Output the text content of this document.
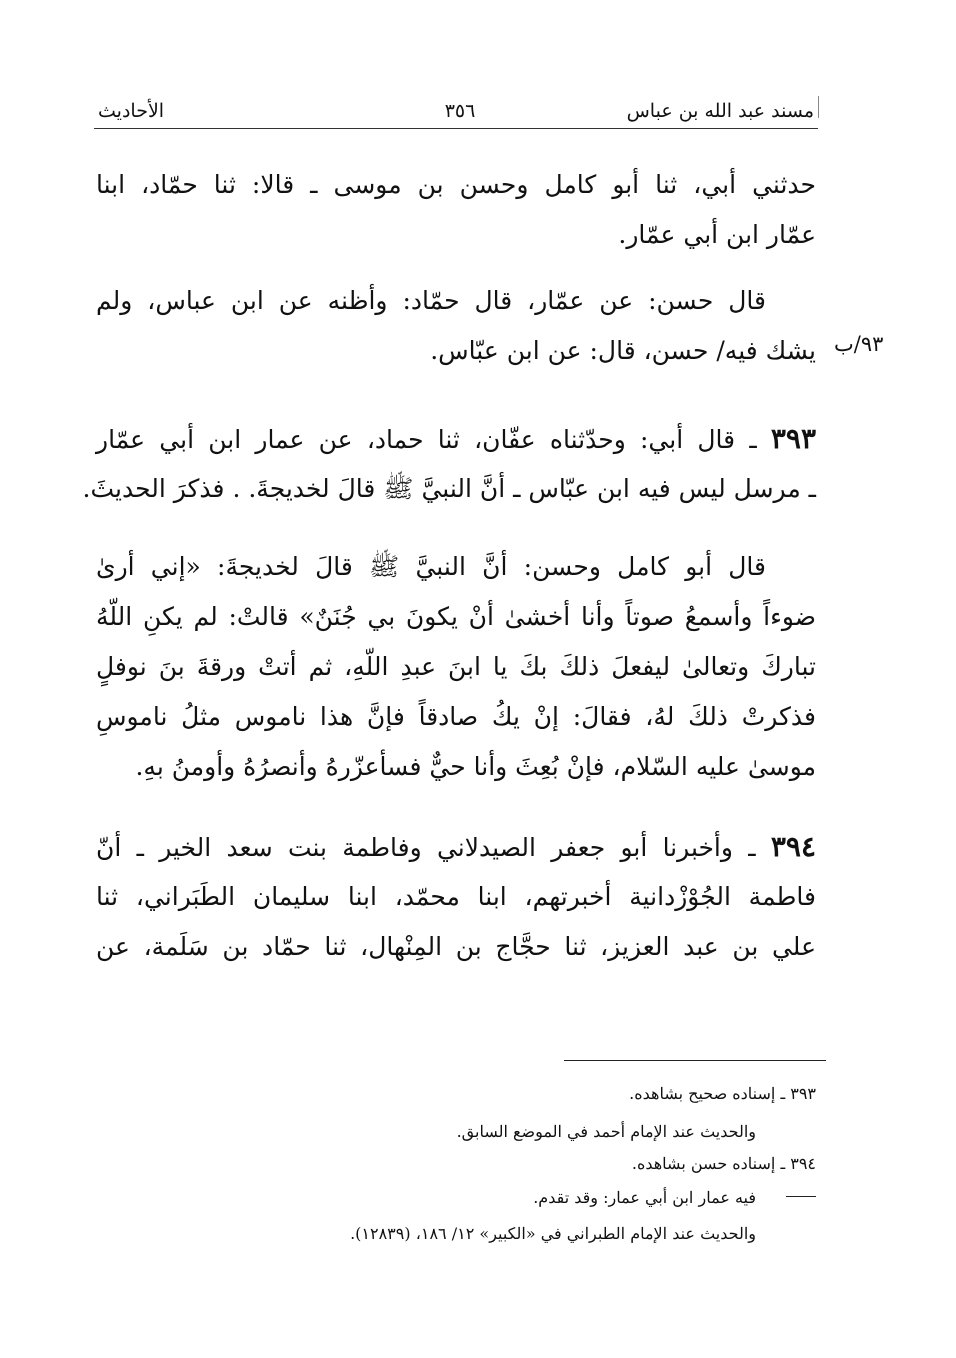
مسند عبد الله بن عباس
٣٥٦
الأحاديث
حدثني أبي، ثنا أبو كامل وحسن بن موسى ـ قالا: ثنا حمّاد، ابنا
عمّار ابن أبي عمّار.
قال حسن: عن عمّار، قال حمّاد: وأظنه عن ابن عباس، ولم
يشك فيه/ حسن، قال: عن ابن عبّاس. ٩٣/ب
٣٩٣ ـ قال أبي: وحدّثناه عفّان، ثنا حماد، عن عمار ابن أبي عمّار
ـ مرسل ليس فيه ابن عبّاس ـ أنَّ النبيَّ ﷺ قالَ لخديجةَ. . فذكرَ الحديثَ.
قال أبو كامل وحسن: أنَّ النبيَّ ﷺ قالَ لخديجةَ: «إني أرىٰ
ضوءاً وأسمعُ صوتاً وأنا أخشىٰ أنْ يكونَ بي جُنَنٌ» قالتْ: لم يكنِ اللّهُ
تباركَ وتعالىٰ ليفعلَ ذلكَ بكَ يا ابنَ عبدِ اللّهِ، ثم أتتْ ورقةَ بنَ نوفلٍ
فذكرتْ ذلكَ لهُ، فقالَ: إنْ يكُ صادقاً فإنَّ هذا ناموس مثلُ ناموسِ
موسىٰ عليه السّلام، فإنْ بُعِثَ وأنا حيٌّ فسأعزّرهُ وأنصرُهُ وأومنُ بهِ.
٣٩٤ ـ وأخبرنا أبو جعفر الصيدلاني وفاطمة بنت سعد الخير ـ أنّ
فاطمة الجُوْزْدانية أخبرتهم، ابنا محمّد، ابنا سليمان الطَبَراني، ثنا
علي بن عبد العزيز، ثنا حجَّاج بن المِنْهال، ثنا حمّاد بن سَلَمة، عن
٣٩٣ ـ إسناده صحيح بشاهده.
والحديث عند الإمام أحمد في الموضع السابق.
٣٩٤ ـ إسناده حسن بشاهده.
فيه عمار ابن أبي عمار: وقد تقدم.
والحديث عند الإمام الطبراني في «الكبير» ١٢/ ١٨٦، (١٢٨٣٩).
